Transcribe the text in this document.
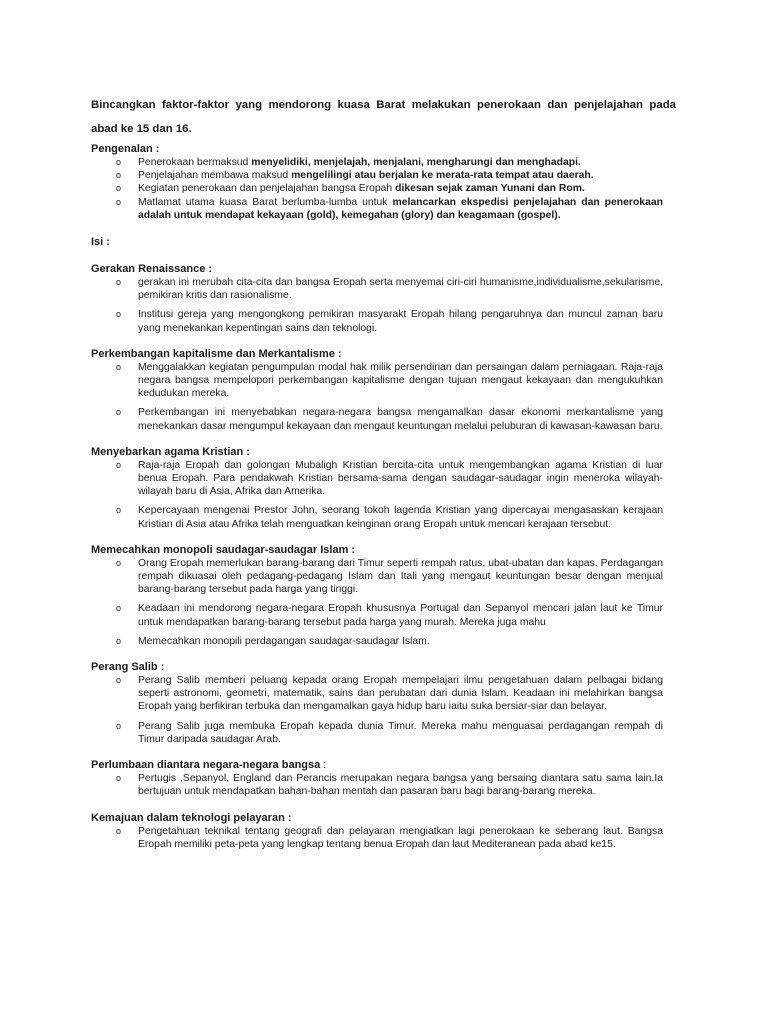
Bincangkan faktor-faktor yang mendorong kuasa Barat melakukan penerokaan dan penjelajahan pada
abad ke 15 dan 16.
Pengenalan :
o Penerokaan bermaksud menyelidiki, menjelajah, menjalani, mengharungi dan menghadapi.
o Penjelajahan membawa maksud mengelilingi atau berjalan ke merata-rata tempat atau daerah.
o Kegiatan penerokaan dan penjelajahan bangsa Eropah dikesan sejak zaman Yunani dan Rom.
o Matlamat utama kuasa Barat berlumba-lumba untuk melancarkan ekspedisi penjelajahan dan penerokaan adalah untuk mendapat kekayaan (gold), kemegahan (glory) dan keagamaan (gospel).
Isi :
Gerakan Renaissance :
o gerakan ini merubah cita-cita dan bangsa Eropah serta menyemai ciri-ciri humanisme,individualisme,sekularisme, pemikiran kritis dan rasionalisme.
o Institusi gereja yang mengongkong pemikiran masyarakt Eropah hilang pengaruhnya dan muncul zaman baru yang menekankan kepentingan sains dan teknologi.
Perkembangan kapitalisme dan Merkantalisme :
o Menggalakkan kegiatan pengumpulan modal hak milik persendirian dan persaingan dalam perniagaan. Raja-raja negara bangsa mempelopori perkembangan kapitalisme dengan tujuan mengaut kekayaan dan mengukuhkan kedudukan mereka.
o Perkembangan ini menyebabkan negara-negara bangsa mengamalkan dasar ekonomi merkantalisme yang menekankan dasar mengumpul kekayaan dan mengaut keuntungan melalui peluburan di kawasan-kawasan baru.
Menyebarkan agama Kristian :
o Raja-raja Eropah dan golongan Mubaligh Kristian bercita-cita untuk mengembangkan agama Kristian di luar benua Eropah. Para pendakwah Kristian bersama-sama dengan saudagar-saudagar ingin meneroka wilayah-wilayah baru di Asia, Afrika dan Amerika.
o Kepercayaan mengenai Prestor John, seorang tokoh lagenda Kristian yang dipercayai mengasaskan kerajaan Kristian di Asia atau Afrika telah menguatkan keinginan orang Eropah untuk mencari kerajaan tersebut.
Memecahkan monopoli saudagar-saudagar Islam :
o Orang Eropah memerlukan barang-barang dari Timur seperti rempah ratus, ubat-ubatan dan kapas. Perdagangan rempah dikuasai oleh pedagang-pedagang Islam dan Itali yang mengaut keuntungan besar dengan menjual barang-barang tersebut pada harga yang tinggi.
o Keadaan ini mendorong negara-negara Eropah khususnya Portugal dan Sepanyol mencari jalan laut ke Timur untuk mendapatkan barang-barang tersebut pada harga yang murah. Mereka juga mahu
o Memecahkan monopili perdagangan saudagar-saudagar Islam.
Perang Salib :
o Perang Salib memberi peluang kepada orang Eropah mempelajari ilmu pengetahuan dalam pelbagai bidang seperti astronomi, geometri, matematik, sains dan perubatan dari dunia Islam. Keadaan ini melahirkan bangsa Eropah yang berfikiran terbuka dan mengamalkan gaya hidup baru iaitu suka bersiar-siar dan belayar.
o Perang Salib juga membuka Eropah kepada dunia Timur. Mereka mahu menguasai perdagangan rempah di Timur daripada saudagar Arab.
Perlumbaan diantara negara-negara bangsa :
o Pertugis ,Sepanyol, England dan Perancis merupakan negara bangsa yang bersaing diantara satu sama lain.Ia bertujuan untuk mendapatkan bahan-bahan mentah dan pasaran baru bagi barang-barang mereka.
Kemajuan dalam teknologi pelayaran :
o Pengetahuan teknikal tentang geografi dan pelayaran mengiatkan lagi penerokaan ke seberang laut. Bangsa Eropah memiliki peta-peta yang lengkap tentang benua Eropah dan laut Mediteranean pada abad ke15.
